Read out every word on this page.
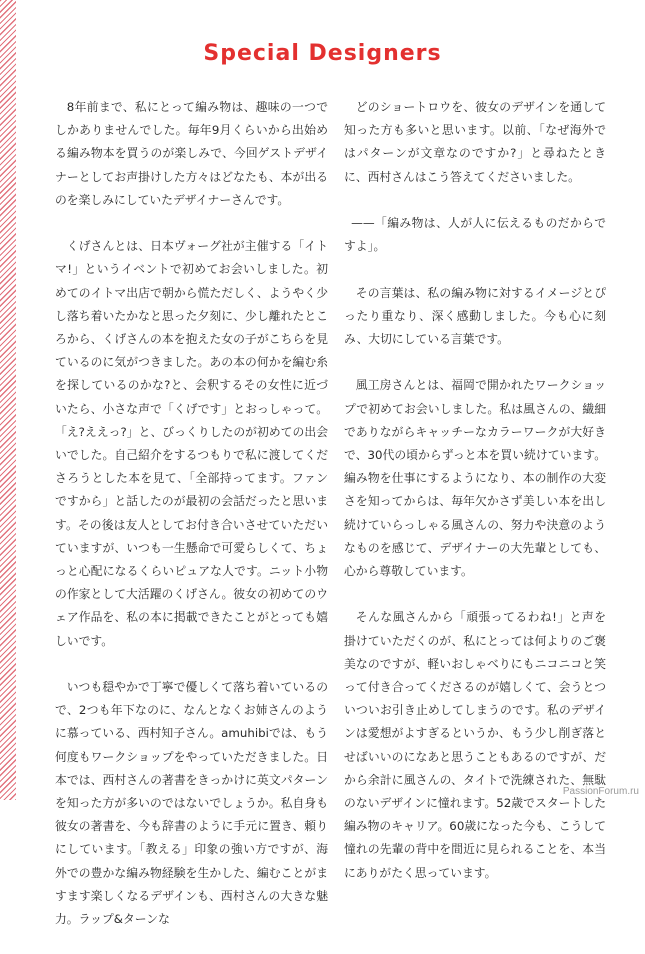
Special Designers

8年前まで、私にとって編み物は、趣味の一つでしかありませんでした。毎年9月くらいから出始める編み物本を買うのが楽しみで、今回ゲストデザイナーとしてお声掛けした方々はどなたも、本が出るのを楽しみにしていたデザイナーさんです。

くげさんとは、日本ヴォーグ社が主催する「イトマ!」というイベントで初めてお会いしました。初めてのイトマ出店で朝から慌ただしく、ようやく少し落ち着いたかなと思った夕刻に、少し離れたところから、くげさんの本を抱えた女の子がこちらを見ているのに気がつきました。あの本の何かを編む糸を探しているのかな?と、会釈するその女性に近づいたら、小さな声で「くげです」とおっしゃって。「え?ええっ?」と、びっくりしたのが初めての出会いでした。自己紹介をするつもりで私に渡してくださろうとした本を見て、「全部持ってます。ファンですから」と話したのが最初の会話だったと思います。その後は友人としてお付き合いさせていただいていますが、いつも一生懸命で可愛らしくて、ちょっと心配になるくらいピュアな人です。ニット小物の作家として大活躍のくげさん。彼女の初めてのウェア作品を、私の本に掲載できたことがとっても嬉しいです。

いつも穏やかで丁寧で優しくて落ち着いているので、2つも年下なのに、なんとなくお姉さんのように慕っている、西村知子さん。amuhibiでは、もう何度もワークショップをやっていただきました。日本では、西村さんの著書をきっかけに英文パターンを知った方が多いのではないでしょうか。私自身も彼女の著書を、今も辞書のように手元に置き、頼りにしています。「教える」印象の強い方ですが、海外での豊かな編み物経験を生かした、編むことがますます楽しくなるデザインも、西村さんの大きな魅力。ラップ&ターンな

どのショートロウを、彼女のデザインを通して知った方も多いと思います。以前、「なぜ海外ではパターンが文章なのですか?」と尋ねたときに、西村さんはこう答えてくださいました。

——「編み物は、人が人に伝えるものだからですよ」。

その言葉は、私の編み物に対するイメージとぴったり重なり、深く感動しました。今も心に刻み、大切にしている言葉です。

風工房さんとは、福岡で開かれたワークショップで初めてお会いしました。私は風さんの、繊細でありながらキャッチーなカラーワークが大好きで、30代の頃からずっと本を買い続けています。編み物を仕事にするようになり、本の制作の大変さを知ってからは、毎年欠かさず美しい本を出し続けていらっしゃる風さんの、努力や決意のようなものを感じて、デザイナーの大先輩としても、心から尊敬しています。

そんな風さんから「頑張ってるわね!」と声を掛けていただくのが、私にとっては何よりのご褒美なのですが、軽いおしゃべりにもニコニコと笑って付き合ってくださるのが嬉しくて、会うとついついお引き止めしてしまうのです。私のデザインは愛想がよすぎるというか、もう少し削ぎ落とせばいいのになあと思うこともあるのですが、だから余計に風さんの、タイトで洗練された、無駄のないデザインに憧れます。52歳でスタートした編み物のキャリア。60歳になった今も、こうして憧れの先輩の背中を間近に見られることを、本当にありがたく思っています。

PassionForum.ru
